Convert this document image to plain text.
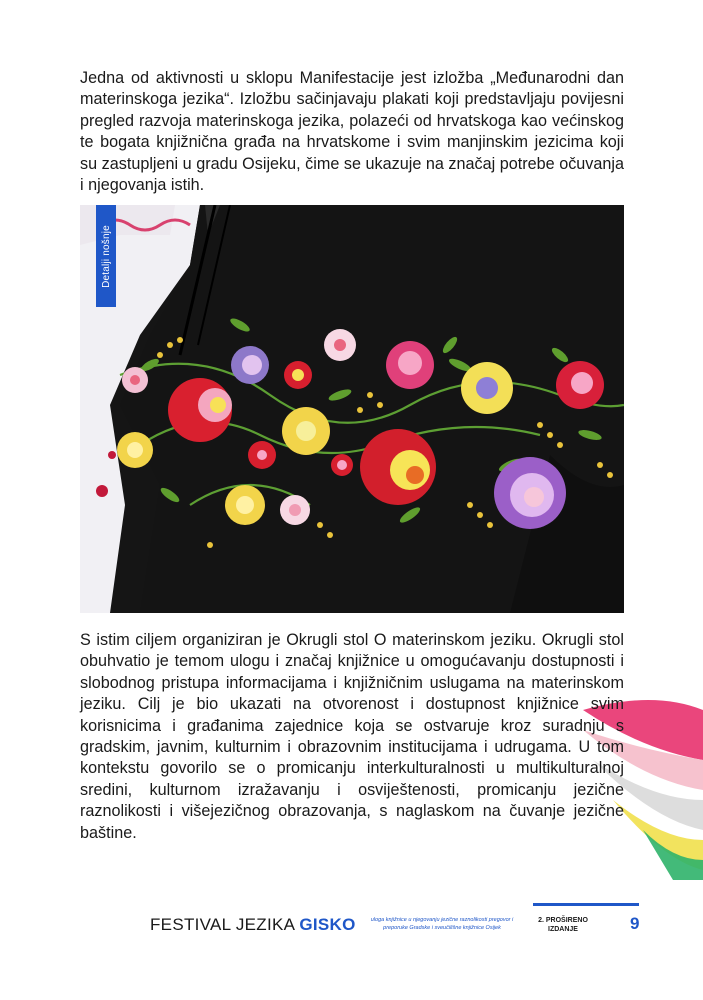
Jedna od aktivnosti u sklopu Manifestacije jest izložba „Međunarodni dan materinskoga jezika“. Izložbu sačinjavaju plakati koji predstavljaju povijesni pregled razvoja materinskoga jezika, polazeći od hrvatskoga kao većinskog te bogata knjižnična građa na hrvatskome i svim manjinskim jezicima koji su zastupljeni u gradu Osijeku, čime se ukazuje na značaj potrebe očuvanja i njegovanja istih.

Detalji nošnje

S istim ciljem organiziran je Okrugli stol O materinskom jeziku. Okrugli stol obuhvatio je temom ulogu i značaj knjižnice u omogućavanju dostupnosti i slobodnog pristupa informacijama i knjižničnim uslugama na materinskom jeziku. Cilj je bio ukazati na otvorenost i dostupnost knjižnice svim korisnicima i građanima zajednice koja se ostvaruje kroz suradnju s gradskim, javnim, kulturnim i obrazovnim institucijama i udrugama. U tom kontekstu govorilo se o promicanju interkulturalnosti u multikulturalnoj sredini, kulturnom izražavanju i osviještenosti, promicanju jezične raznolikosti i višejezičnog obrazovanja, s naglaskom na čuvanje jezične baštine.

FESTIVAL JEZIKA GISKO	uloga knjižnice u njegovanju jezične raznolikosti pregovor i preporuke Gradske i sveučilišne knjižnice Osijek
2. PROŠIRENO
IZDANJE	9
